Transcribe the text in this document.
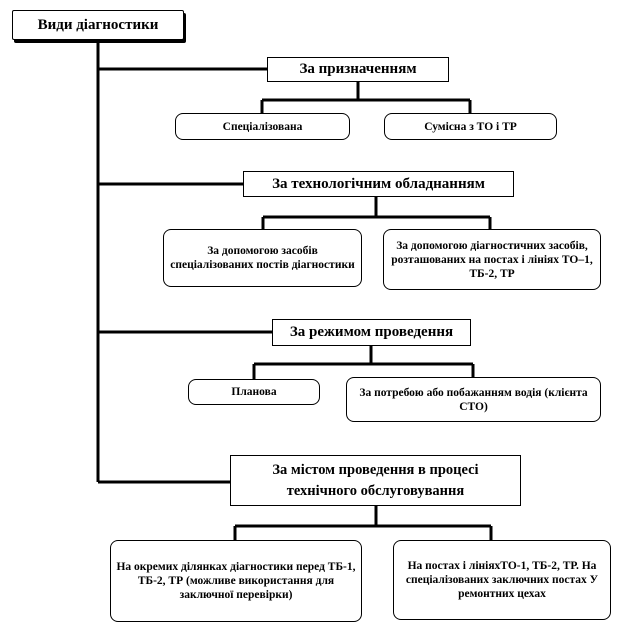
Види діагностики
За призначенням
Спеціалізована	Сумісна з ТО і ТР
За технологічним обладнанням
За допомогою засобів спеціалізованих постів діагностики
За допомогою діагностичних засобів, розташованих на постах і лініях ТО–1, ТБ-2, ТР
За режимом проведення
Планова	За потребою або побажанням водія (клієнта СТО)
За містом проведення в процесі технічного обслуговування
На окремих ділянках діагностики перед ТБ-1, ТБ-2, ТР (можливе використання для заключної перевірки)
На постах і лініяхТО-1, ТБ-2, ТР. На спеціалізованих заключних постах У ремонтних цехах
